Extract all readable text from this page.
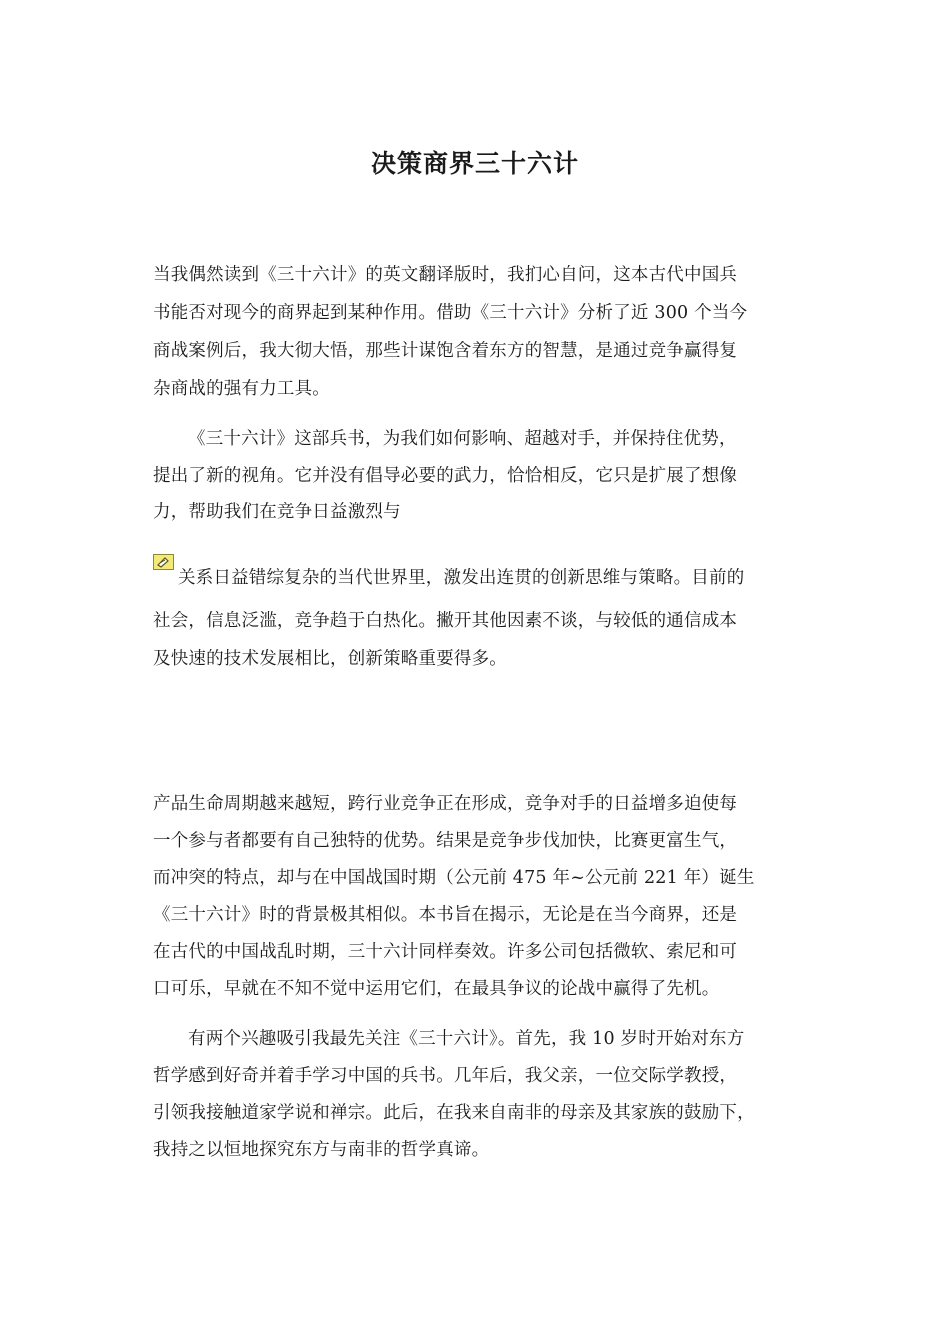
决策商界三十六计
当我偶然读到《三十六计》的英文翻译版时，我扪心自问，这本古代中国兵
书能否对现今的商界起到某种作用。借助《三十六计》分析了近 300 个当今
商战案例后，我大彻大悟，那些计谋饱含着东方的智慧，是通过竞争赢得复
杂商战的强有力工具。
《三十六计》这部兵书，为我们如何影响、超越对手，并保持住优势，
提出了新的视角。它并没有倡导必要的武力，恰恰相反，它只是扩展了想像
力，帮助我们在竞争日益激烈与
关系日益错综复杂的当代世界里，激发出连贯的创新思维与策略。目前的
社会，信息泛滥，竞争趋于白热化。撇开其他因素不谈，与较低的通信成本
及快速的技术发展相比，创新策略重要得多。
产品生命周期越来越短，跨行业竞争正在形成，竞争对手的日益增多迫使每
一个参与者都要有自己独特的优势。结果是竞争步伐加快，比赛更富生气，
而冲突的特点，却与在中国战国时期（公元前 475 年~公元前 221 年）诞生
《三十六计》时的背景极其相似。本书旨在揭示，无论是在当今商界，还是
在古代的中国战乱时期，三十六计同样奏效。许多公司包括微软、索尼和可
口可乐，早就在不知不觉中运用它们，在最具争议的论战中赢得了先机。
有两个兴趣吸引我最先关注《三十六计》。首先，我 10 岁时开始对东方
哲学感到好奇并着手学习中国的兵书。几年后，我父亲，一位交际学教授，
引领我接触道家学说和禅宗。此后，在我来自南非的母亲及其家族的鼓励下，
我持之以恒地探究东方与南非的哲学真谛。
